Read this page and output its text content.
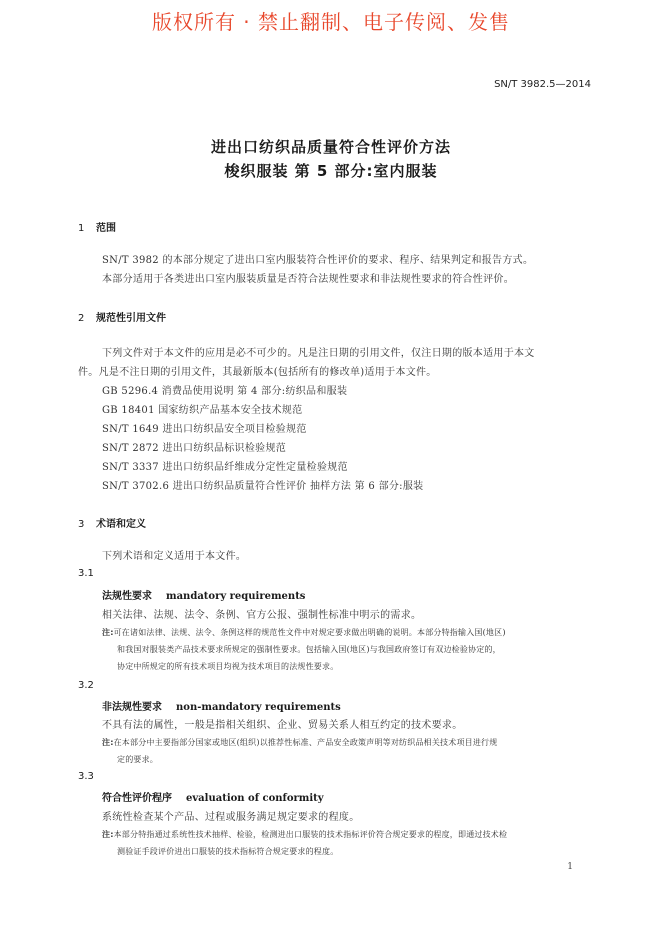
版权所有 · 禁止翻制、电子传阅、发售
SN/T 3982.5—2014
进出口纺织品质量符合性评价方法
梭织服装 第 5 部分:室内服装
1 范围
SN/T 3982 的本部分规定了进出口室内服装符合性评价的要求、程序、结果判定和报告方式。
本部分适用于各类进出口室内服装质量是否符合法规性要求和非法规性要求的符合性评价。
2 规范性引用文件
下列文件对于本文件的应用是必不可少的。凡是注日期的引用文件，仅注日期的版本适用于本文
件。凡是不注日期的引用文件，其最新版本(包括所有的修改单)适用于本文件。
GB 5296.4 消费品使用说明 第 4 部分:纺织品和服装
GB 18401 国家纺织产品基本安全技术规范
SN/T 1649 进出口纺织品安全项目检验规范
SN/T 2872 进出口纺织品标识检验规范
SN/T 3337 进出口纺织品纤维成分定性定量检验规范
SN/T 3702.6 进出口纺织品质量符合性评价 抽样方法 第 6 部分:服装
3 术语和定义
下列术语和定义适用于本文件。
3.1
法规性要求 mandatory requirements
相关法律、法规、法令、条例、官方公报、强制性标准中明示的需求。
注:可在诸如法律、法规、法令、条例这样的规范性文件中对规定要求做出明确的说明。本部分特指输入国(地区)
和我国对服装类产品技术要求所规定的强制性要求。包括输入国(地区)与我国政府签订有双边检验协定的，
协定中所规定的所有技术项目均视为技术项目的法规性要求。
3.2
非法规性要求 non-mandatory requirements
不具有法的属性，一般是指相关组织、企业、贸易关系人相互约定的技术要求。
注:在本部分中主要指部分国家或地区(组织)以推荐性标准、产品安全政策声明等对纺织品相关技术项目进行规
定的要求。
3.3
符合性评价程序 evaluation of conformity
系统性检查某个产品、过程或服务满足规定要求的程度。
注:本部分特指通过系统性技术抽样、检验，检测进出口服装的技术指标评价符合规定要求的程度，即通过技术检
测验证手段评价进出口服装的技术指标符合规定要求的程度。
1
